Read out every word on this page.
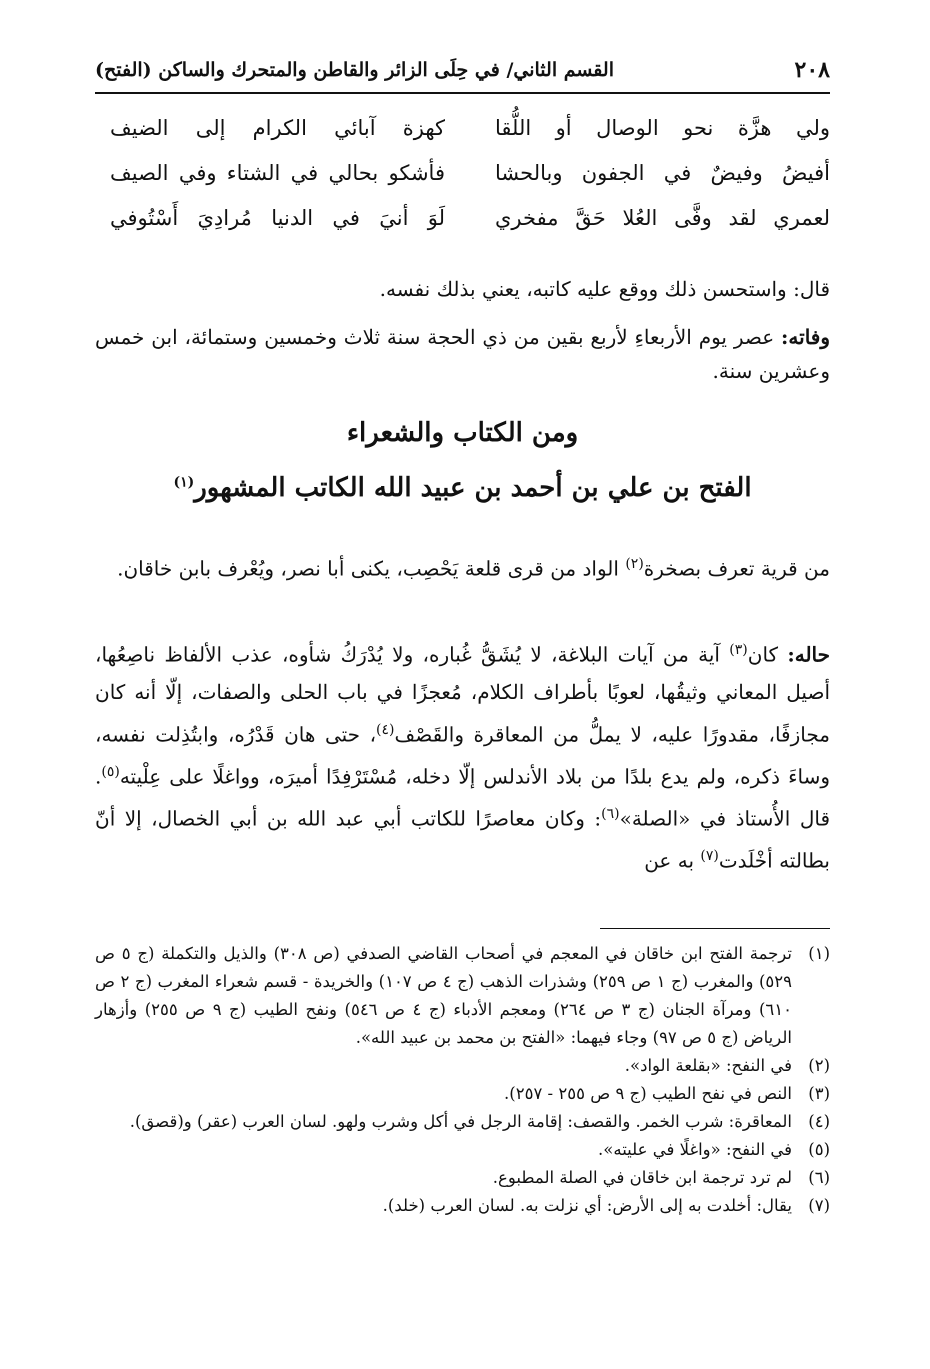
٢٠٨
القسم الثاني/ في حِلَى الزائر والقاطن والمتحرك والساكن (الفتح)
ولي هزَّة نحو الوصال أو اللُّقا
كهزة آبائي الكرام إلى الضيف
أفيضُ وفيضٌ في الجفون وبالحشا
فأشكو بحالي في الشتاء وفي الصيف
لعمري لقد وفَّى العُلا حَقَّ مفخري
لَوَ أنيَ في الدنيا مُرادِيَ أَسْتُوفي
قال: واستحسن ذلك ووقع عليه كاتبه، يعني بذلك نفسه.
وفاته: عصر يوم الأربعاءِ لأربع بقين من ذي الحجة سنة ثلاث وخمسين وستمائة، ابن خمس وعشرين سنة.
ومن الكتاب والشعراء
الفتح بن علي بن أحمد بن عبيد الله الكاتب المشهور$^{(١)}$
من قرية تعرف بصخرة$^{(٢)}$ الواد من قرى قلعة يَحْصِب، يكنى أبا نصر، ويُعْرف بابن خاقان.
حاله: كان$^{(٣)}$ آية من آيات البلاغة، لا يُشَقُّ غُباره، ولا يُدْرَكُ شأوه، عذب الألفاظ ناصِعُها، أصيل المعاني وثيقُها، لعوبًا بأطراف الكلام، مُعجزًا في باب الحلى والصفات، إلّا أنه كان مجازفًا، مقدورًا عليه، لا يملُّ من المعاقرة والقَصْف$^{(٤)}$، حتى هان قَدْرُه، وابتُذِلت نفسه، وساءَ ذكره، ولم يدع بلدًا من بلاد الأندلس إلّا دخله، مُسْتَرْفِدًا أميرَه، وواغلًا على عِلْيته$^{(٥)}$. قال الأُستاذ في «الصلة»$^{(٦)}$: وكان معاصرًا للكاتب أبي عبد الله بن أبي الخصال، إلا أنّ بطالته أخْلَدت$^{(٧)}$ به عن
(١)
ترجمة الفتح ابن خاقان في المعجم في أصحاب القاضي الصدفي (ص ٣٠٨) والذيل والتكملة (ج ٥ ص ٥٢٩) والمغرب (ج ١ ص ٢٥٩) وشذرات الذهب (ج ٤ ص ١٠٧) والخريدة - قسم شعراء المغرب (ج ٢ ص ٦١٠) ومرآة الجنان (ج ٣ ص ٢٦٤) ومعجم الأدباء (ج ٤ ص ٥٤٦) ونفح الطيب (ج ٩ ص ٢٥٥) وأزهار الرياض (ج ٥ ص ٩٧) وجاء فيهما: «الفتح بن محمد بن عبيد الله».
(٢)
في النفح: «بقلعة الواد».
(٣)
النص في نفح الطيب (ج ٩ ص ٢٥٥ - ٢٥٧).
(٤)
المعاقرة: شرب الخمر. والقصف: إقامة الرجل في أكل وشرب ولهو. لسان العرب (عقر) و(قصق).
(٥)
في النفح: «واغلًا في عليته».
(٦)
لم ترد ترجمة ابن خاقان في الصلة المطبوع.
(٧)
يقال: أخلدت به إلى الأرض: أي نزلت به. لسان العرب (خلد).
